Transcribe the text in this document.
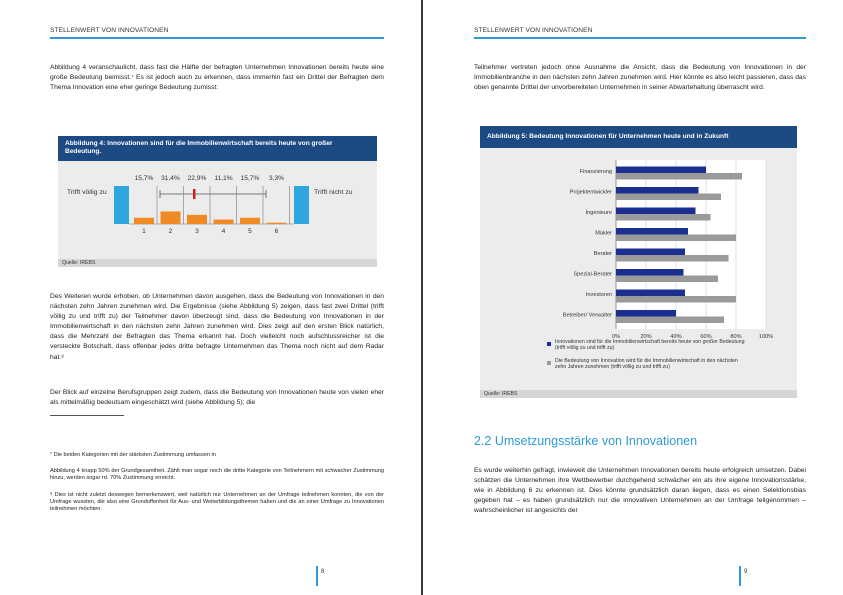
STELLENWERT VON INNOVATIONEN
Abbildung 4 veranschaulicht, dass fast die Hälfte der befragten Unternehmen Innovationen bereits heute eine große Bedeutung beimisst.⁷ Es ist jedoch auch zu erkennen, dass immerhin fast ein Drittel der Befragten dem Thema Innovation eine eher geringe Bedeutung zumisst:
Abbildung 4: Innovationen sind für die Immobilienwirtschaft bereits heute von großer Bedeutung.
Trifft völlig zu	Trifft nicht zu
15,7%
1
31,4%
2
22,9%
3
11,1%
4
15,7%
5
3,3%
6
Quelle: IREBS
Des Weiteren wurde erhoben, ob Unternehmen davon ausgehen, dass die Bedeutung von Innovationen in den nächsten zehn Jahren zunehmen wird. Die Ergebnisse (siehe Abbildung 5) zeigen, dass fast zwei Drittel (trifft völlig zu und trifft zu) der Teilnehmer davon überzeugt sind, dass die Bedeutung von Innovationen in der Immobilienwirtschaft in den nächsten zehn Jahren zunehmen wird. Dies zeigt auf den ersten Blick natürlich, dass die Mehrzahl der Befragten das Thema erkannt hat. Doch vielleicht noch aufschlussreicher ist die versteckte Botschaft, dass offenbar jedes dritte befragte Unternehmen das Thema noch nicht auf dem Radar hat.⁸
Der Blick auf einzelne Berufsgruppen zeigt zudem, dass die Bedeutung von Innovationen heute von vielen eher als mittelmäßig bedeutsam eingeschätzt wird (siehe Abbildung 5); die
⁷ Die beiden Kategorien mit der stärksten Zustimmung umfassen in
Abbildung 4 knapp 50% der Grundgesamtheit. Zählt man sogar noch die dritte Kategorie von Teilnehmern mit schwacher Zustimmung hinzu, werden sogar rd. 70% Zustimmung erreicht.
⁸ Dies ist nicht zuletzt deswegen bemerkenswert, weil natürlich nur Unternehmen an der Umfrage teilnehmen konnten, die von der Umfrage wussten, die also eine Grundoffenheit für Aus- und Weiterbildungsthemen haben und die an einer Umfrage zu Innovationen teilnehmen möchten.
8
STELLENWERT VON INNOVATIONEN
Teilnehmer vertreten jedoch ohne Ausnahme die Ansicht, dass die Bedeutung von Innovationen in der Immobilienbranche in den nächsten zehn Jahren zunehmen wird. Hier könnte es also leicht passieren, dass das oben genannte Drittel der unvorbereiteten Unternehmen in seiner Abwartehaltung überrascht wird.
Abbildung 5: Bedeutung Innovationen für Unternehmen heute und in Zukunft
0%	20%	40%	60%	80%	100%
Finanzierung
Projektentwickler
Ingenieure
Makler
Berater
Spezial-Berater
Investoren
Betreiber/ Verwalter
Innovationen sind für die Immobilienwirtschaft bereits heute von großer Bedeutung (trifft völlig zu und trifft zu)
Die Bedeutung von Innovation wird für die Immobilienwirtschaft in den nächsten zehn Jahren zunehmen (trifft völlig zu und trifft zu)
Quelle: IREBS
2.2 Umsetzungsstärke von Innovationen
Es wurde weiterhin gefragt, inwieweit die Unternehmen Innovationen bereits heute erfolgreich umsetzen. Dabei schätzen die Unternehmen ihre Wettbewerber durchgehend schwächer ein als ihre eigene Innovationsstärke, wie in Abbildung 6 zu erkennen ist. Dies könnte grundsätzlich daran liegen, dass es einen Selektionsbias gegeben hat – es haben grundsätzlich nur die innovativen Unternehmen an der Umfrage teilgenommen – wahrscheinlicher ist angesichts der
9
